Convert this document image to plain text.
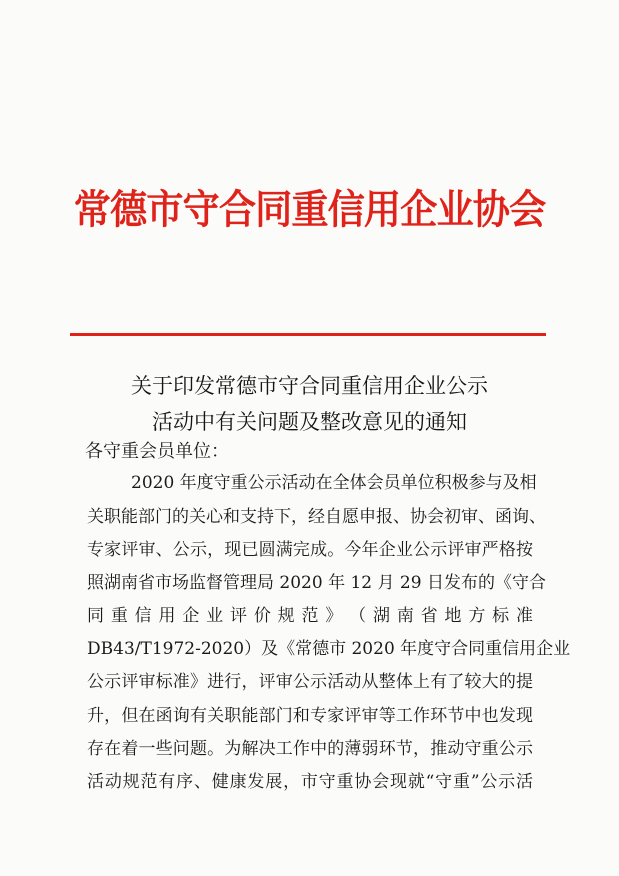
常德市守合同重信用企业协会
关于印发常德市守合同重信用企业公示
活动中有关问题及整改意见的通知
各守重会员单位：
2020 年度守重公示活动在全体会员单位积极参与及相
关职能部门的关心和支持下，经自愿申报、协会初审、函询、
专家评审、公示，现已圆满完成。今年企业公示评审严格按
照湖南省市场监督管理局 2020 年 12 月 29 日发布的《守合
同 重 信 用 企 业 评 价 规 范 》 （ 湖 南 省 地 方 标 准
DB43/T1972-2020）及《常德市 2020 年度守合同重信用企业
公示评审标准》进行，评审公示活动从整体上有了较大的提
升，但在函询有关职能部门和专家评审等工作环节中也发现
存在着一些问题。为解决工作中的薄弱环节，推动守重公示
活动规范有序、健康发展，市守重协会现就“守重”公示活
